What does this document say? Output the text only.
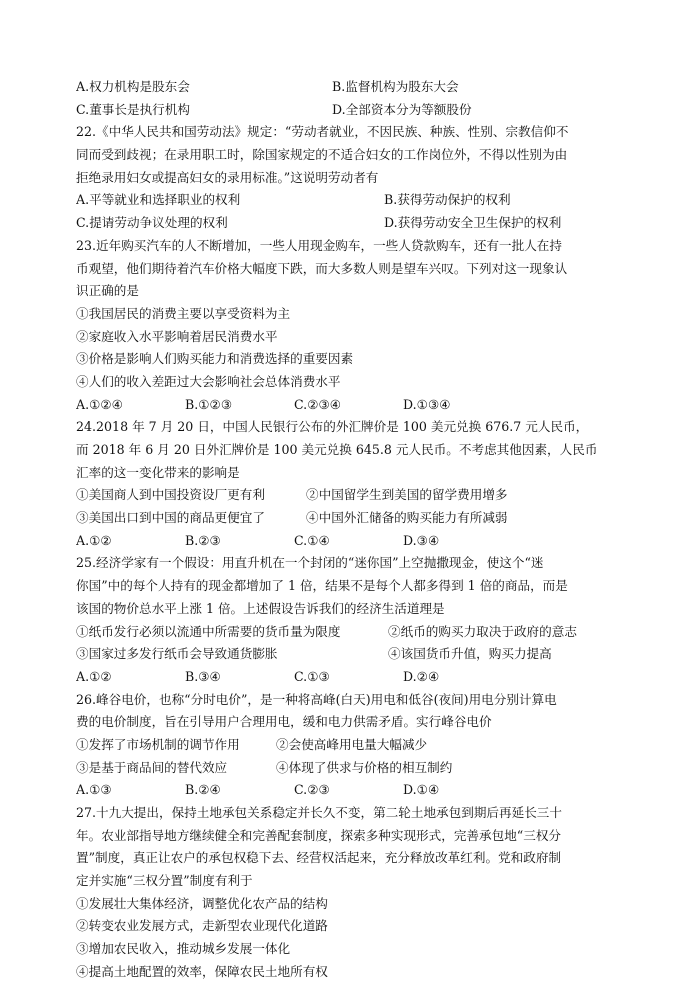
A.权力机构是股东会	B.监督机构为股东大会
C.董事长是执行机构	D.全部资本分为等额股份
22.《中华人民共和国劳动法》规定：“劳动者就业，不因民族、种族、性别、宗教信仰不
同而受到歧视；在录用职工时，除国家规定的不适合妇女的工作岗位外，不得以性别为由
拒绝录用妇女或提高妇女的录用标准。”这说明劳动者有
A.平等就业和选择职业的权利	B.获得劳动保护的权利
C.提请劳动争议处理的权利	D.获得劳动安全卫生保护的权利
23.近年购买汽车的人不断增加，一些人用现金购车，一些人贷款购车，还有一批人在持
币观望，他们期待着汽车价格大幅度下跌，而大多数人则是望车兴叹。下列对这一现象认
识正确的是
①我国居民的消费主要以享受资料为主
②家庭收入水平影响着居民消费水平
③价格是影响人们购买能力和消费选择的重要因素
④人们的收入差距过大会影响社会总体消费水平
A.①②④	B.①②③	C.②③④	D.①③④
24.2018 年 7 月 20 日，中国人民银行公布的外汇牌价是 100 美元兑换 676.7 元人民币，
而 2018 年 6 月 20 日外汇牌价是 100 美元兑换 645.8 元人民币。不考虑其他因素，人民币
汇率的这一变化带来的影响是
①美国商人到中国投资设厂更有利	②中国留学生到美国的留学费用增多
③美国出口到中国的商品更便宜了	④中国外汇储备的购买能力有所减弱
A.①②	B.②③	C.①④	D.③④
25.经济学家有一个假设：用直升机在一个封闭的“迷你国”上空抛撒现金，使这个“迷
你国”中的每个人持有的现金都增加了 1 倍，结果不是每个人都多得到 1 倍的商品，而是
该国的物价总水平上涨 1 倍。上述假设告诉我们的经济生活道理是
①纸币发行必须以流通中所需要的货币量为限度	②纸币的购买力取决于政府的意志
③国家过多发行纸币会导致通货膨胀	④该国货币升值，购买力提高
A.①②	B.③④	C.①③	D.②④
26.峰谷电价，也称“分时电价”，是一种将高峰(白天)用电和低谷(夜间)用电分别计算电
费的电价制度，旨在引导用户合理用电，缓和电力供需矛盾。实行峰谷电价
①发挥了市场机制的调节作用	②会使高峰用电量大幅减少
③是基于商品间的替代效应	④体现了供求与价格的相互制约
A.①③	B.②④	C.②③	D.①④
27.十九大提出，保持土地承包关系稳定并长久不变，第二轮土地承包到期后再延长三十
年。农业部指导地方继续健全和完善配套制度，探索多种实现形式，完善承包地“三权分
置”制度，真正让农户的承包权稳下去、经营权活起来，充分释放改革红利。党和政府制
定并实施“三权分置”制度有利于
①发展壮大集体经济，调整优化农产品的结构
②转变农业发展方式，走新型农业现代化道路
③增加农民收入，推动城乡发展一体化
④提高土地配置的效率，保障农民土地所有权
